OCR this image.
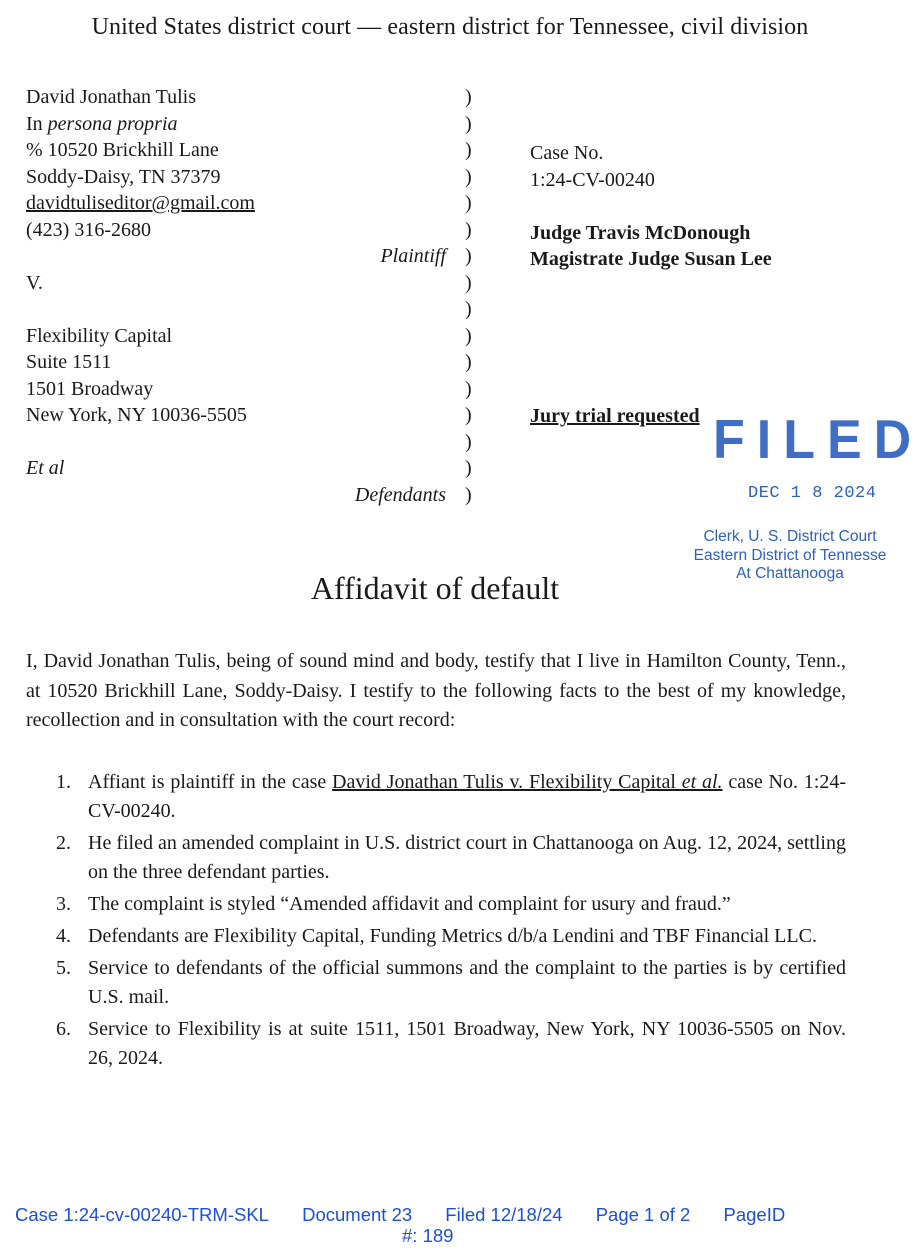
United States district court — eastern district for Tennessee, civil division
David Jonathan Tulis
In persona propria
% 10520 Brickhill Lane
Soddy-Daisy, TN 37379
davidtuliseditor@gmail.com
(423) 316-2680
Plaintiff
V.
Flexibility Capital
Suite 1511
1501 Broadway
New York, NY 10036-5505
Et al
Defendants
)
)
)
)
)
)
)
)
)
)
)
)
)
)
)
)
Case No.
1:24-CV-00240
Judge Travis McDonough
Magistrate Judge Susan Lee
Jury trial requested FILED
DEC 1 8 2024
Clerk, U. S. District Court
Eastern District of Tennesse
At Chattanooga
Affidavit of default
I, David Jonathan Tulis, being of sound mind and body, testify that I live in Hamilton County, Tenn., at 10520 Brickhill Lane, Soddy-Daisy. I testify to the following facts to the best of my knowledge, recollection and in consultation with the court record:
1. Affiant is plaintiff in the case David Jonathan Tulis v. Flexibility Capital et al. case No. 1:24-CV-00240.
2. He filed an amended complaint in U.S. district court in Chattanooga on Aug. 12, 2024, settling on the three defendant parties.
3. The complaint is styled “Amended affidavit and complaint for usury and fraud.”
4. Defendants are Flexibility Capital, Funding Metrics d/b/a Lendini and TBF Financial LLC.
5. Service to defendants of the official summons and the complaint to the parties is by certified U.S. mail.
6. Service to Flexibility is at suite 1511, 1501 Broadway, New York, NY 10036-5505 on Nov. 26, 2024.
Case 1:24-cv-00240-TRM-SKL Document 23 Filed 12/18/24 Page 1 of 2 PageID
#: 189
